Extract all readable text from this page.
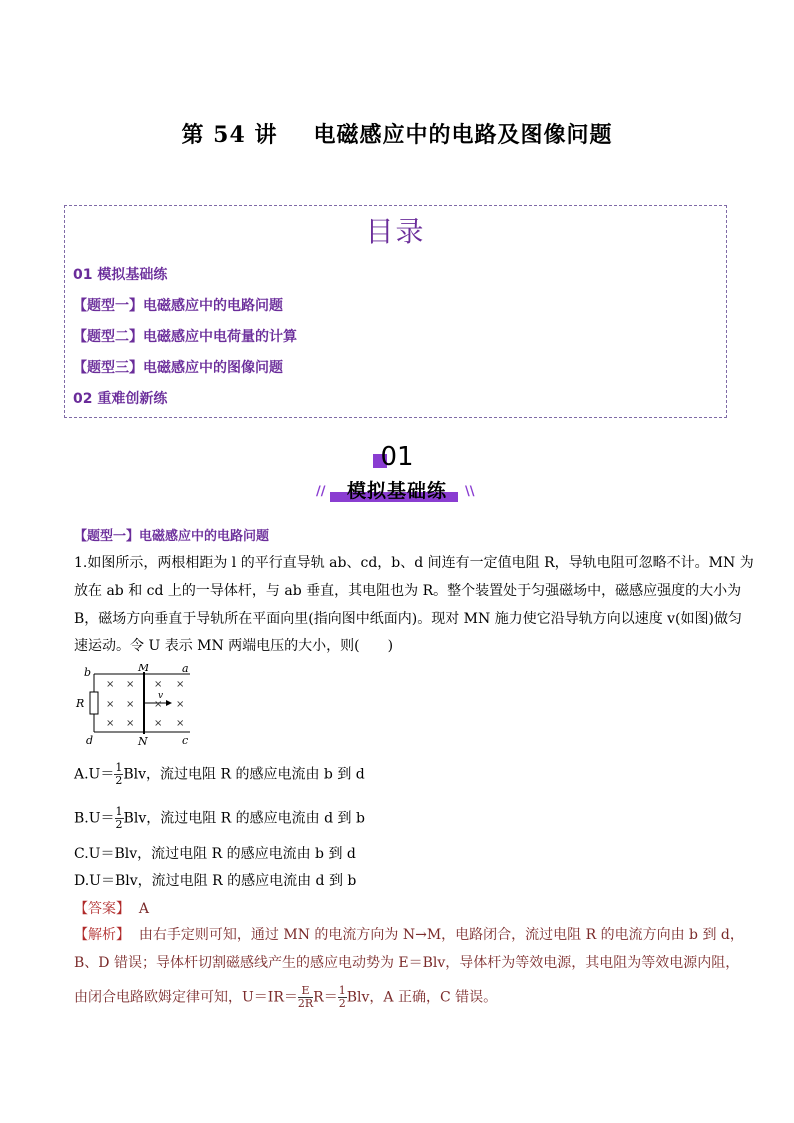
第 54 讲 电磁感应中的电路及图像问题
目录
01 模拟基础练
【题型一】电磁感应中的电路问题
【题型二】电磁感应中电荷量的计算
【题型三】电磁感应中的图像问题
02 重难创新练
01
//	模拟基础练	\\
【题型一】电磁感应中的电路问题
1.如图所示，两根相距为 l 的平行直导轨 ab、cd，b、d 间连有一定值电阻 R，导轨电阻可忽略不计。MN 为
放在 ab 和 cd 上的一导体杆，与 ab 垂直，其电阻也为 R。整个装置处于匀强磁场中，磁感应强度的大小为
B，磁场方向垂直于导轨所在平面向里(指向图中纸面内)。现对 MN 施力使它沿导轨方向以速度 v(如图)做匀
速运动。令 U 表示 MN 两端电压的大小，则(　　)
× × × ×
× × × ×
× × × ×
b	a
M
R
d	N	c
v
$A.U= \frac{1}{2}$ Blv，流过电阻 R 的感应电流由 b 到 d
$B.U= \frac{1}{2}$ Blv，流过电阻 R 的感应电流由 d 到 b
C.U＝Blv，流过电阻 R 的感应电流由 b 到 d
D.U＝Blv，流过电阻 R 的感应电流由 d 到 b
【答案】 A
【解析】 由右手定则可知，通过 MN 的电流方向为 N→M，电路闭合，流过电阻 R 的电流方向由 b 到 d，
B、D 错误；导体杆切割磁感线产生的感应电动势为 E＝Blv，导体杆为等效电源，其电阻为等效电源内阻，
由闭合电路欧姆定律可知，$U=IR= \frac{E}{2R} R= \frac{1}{2}$ Blv，A 正确，C 错误。
